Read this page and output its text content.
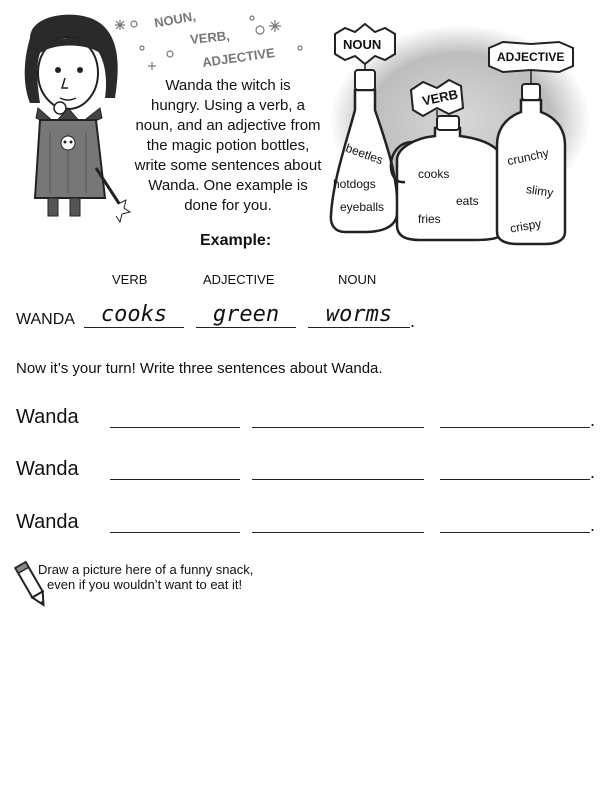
NOUN,
VERB,
ADJECTIVE
Wanda the witch is
hungry. Using a verb, a
noun, and an adjective from
the magic potion bottles,
write some sentences about
Wanda. One example is
done for you.
NOUN
VERB
ADJECTIVE
beetles
hotdogs
eyeballs
cooks
eats
fries
crunchy
slimy
crispy
Example:
VERB	ADJECTIVE	NOUN
WANDA	cooks	green	worms .
Now it’s your turn! Write three sentences about Wanda.
Wanda	.
Wanda	.
Wanda	.
Draw a picture here of a funny snack,
even if you wouldn’t want to eat it!
